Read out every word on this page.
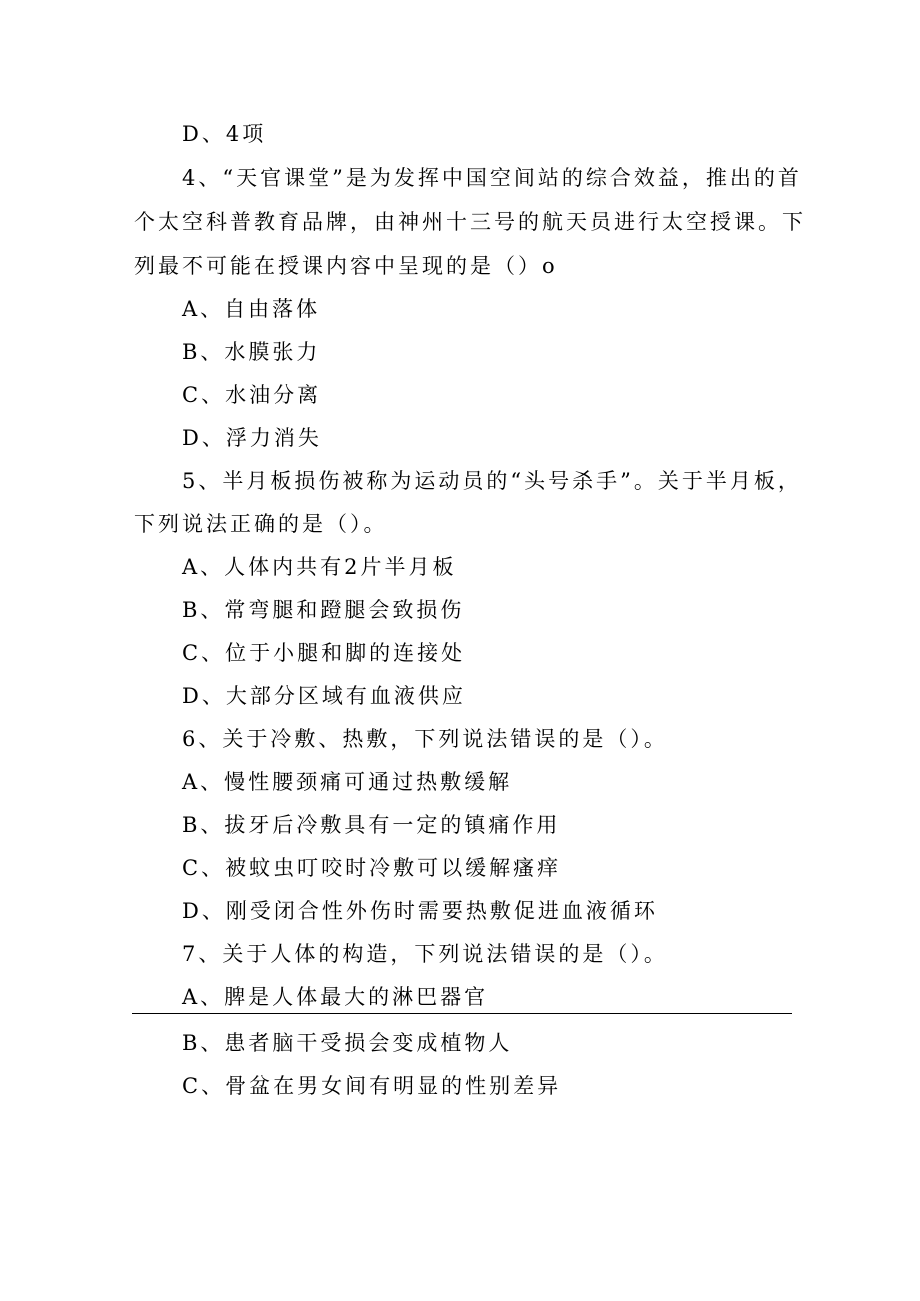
D、4项
4、“天官课堂”是为发挥中国空间站的综合效益，推出的首
个太空科普教育品牌，由神州十三号的航天员进行太空授课。下
列最不可能在授课内容中呈现的是（）o
A、自由落体
B、水膜张力
C、水油分离
D、浮力消失
5、半月板损伤被称为运动员的“头号杀手”。关于半月板，
下列说法正确的是（）。
A、人体内共有2片半月板
B、常弯腿和蹬腿会致损伤
C、位于小腿和脚的连接处
D、大部分区域有血液供应
6、关于冷敷、热敷，下列说法错误的是（）。
A、慢性腰颈痛可通过热敷缓解
B、拔牙后冷敷具有一定的镇痛作用
C、被蚊虫叮咬时冷敷可以缓解瘙痒
D、刚受闭合性外伤时需要热敷促进血液循环
7、关于人体的构造，下列说法错误的是（）。
A、脾是人体最大的淋巴器官
B、患者脑干受损会变成植物人
C、骨盆在男女间有明显的性别差异
